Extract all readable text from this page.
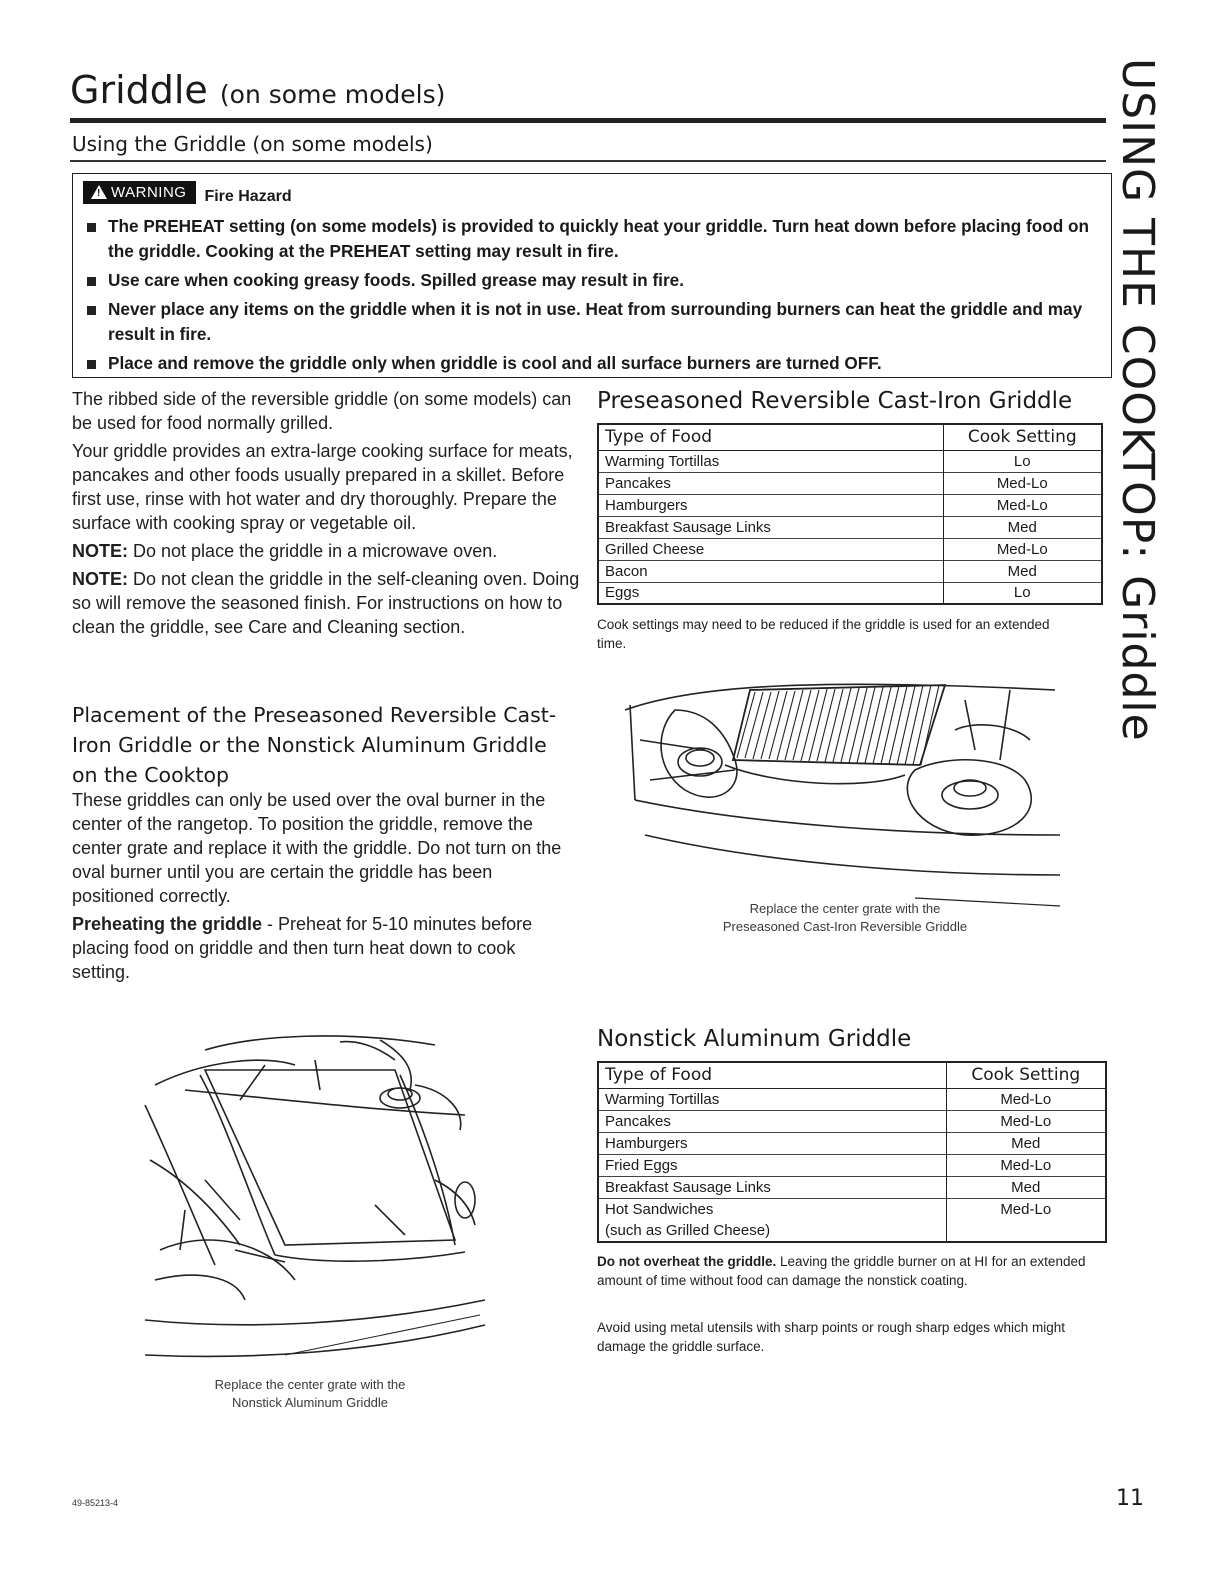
Griddle (on some models)
Using the Griddle (on some models)	USING THE COOKTOP: Griddle
! WARNING Fire Hazard
The PREHEAT setting (on some models) is provided to quickly heat your griddle. Turn heat down before placing food on the griddle. Cooking at the PREHEAT setting may result in fire.
Use care when cooking greasy foods. Spilled grease may result in fire.
Never place any items on the griddle when it is not in use. Heat from surrounding burners can heat the griddle and may result in fire.
Place and remove the griddle only when griddle is cool and all surface burners are turned OFF.

The ribbed side of the reversible griddle (on some models) can be used for food normally grilled.

Your griddle provides an extra-large cooking surface for meats, pancakes and other foods usually prepared in a skillet. Before first use, rinse with hot water and dry thoroughly. Prepare the surface with cooking spray or vegetable oil.

NOTE: Do not place the griddle in a microwave oven.

NOTE: Do not clean the griddle in the self-cleaning oven. Doing so will remove the seasoned finish. For instructions on how to clean the griddle, see Care and Cleaning section.

Placement of the Preseasoned Reversible Cast-Iron Griddle or the Nonstick Aluminum Griddle on the Cooktop

These griddles can only be used over the oval burner in the center of the rangetop. To position the griddle, remove the center grate and replace it with the griddle. Do not turn on the oval burner until you are certain the griddle has been positioned correctly.

Preheating the griddle - Preheat for 5-10 minutes before placing food on griddle and then turn heat down to cook setting.

Preseasoned Reversible Cast-Iron Griddle
Type of Food	Cook Setting
Warming Tortillas	Lo
Pancakes	Med-Lo
Hamburgers	Med-Lo
Breakfast Sausage Links	Med
Grilled Cheese	Med-Lo
Bacon	Med
Eggs	Lo
Cook settings may need to be reduced if the griddle is used for an extended time.
Replace the center grate with the
Preseasoned Cast-Iron Reversible Griddle
Nonstick Aluminum Griddle
Type of Food	Cook Setting
Warming Tortillas	Med-Lo
Pancakes	Med-Lo
Hamburgers	Med
Fried Eggs	Med-Lo
Breakfast Sausage Links	Med
Hot Sandwiches	Med-Lo
(such as Grilled Cheese)	
Do not overheat the griddle. Leaving the griddle burner on at HI for an extended amount of time without food can damage the nonstick coating.
Avoid using metal utensils with sharp points or rough sharp edges which might damage the griddle surface.
Replace the center grate with the
Nonstick Aluminum Griddle
49-85213-4	11
